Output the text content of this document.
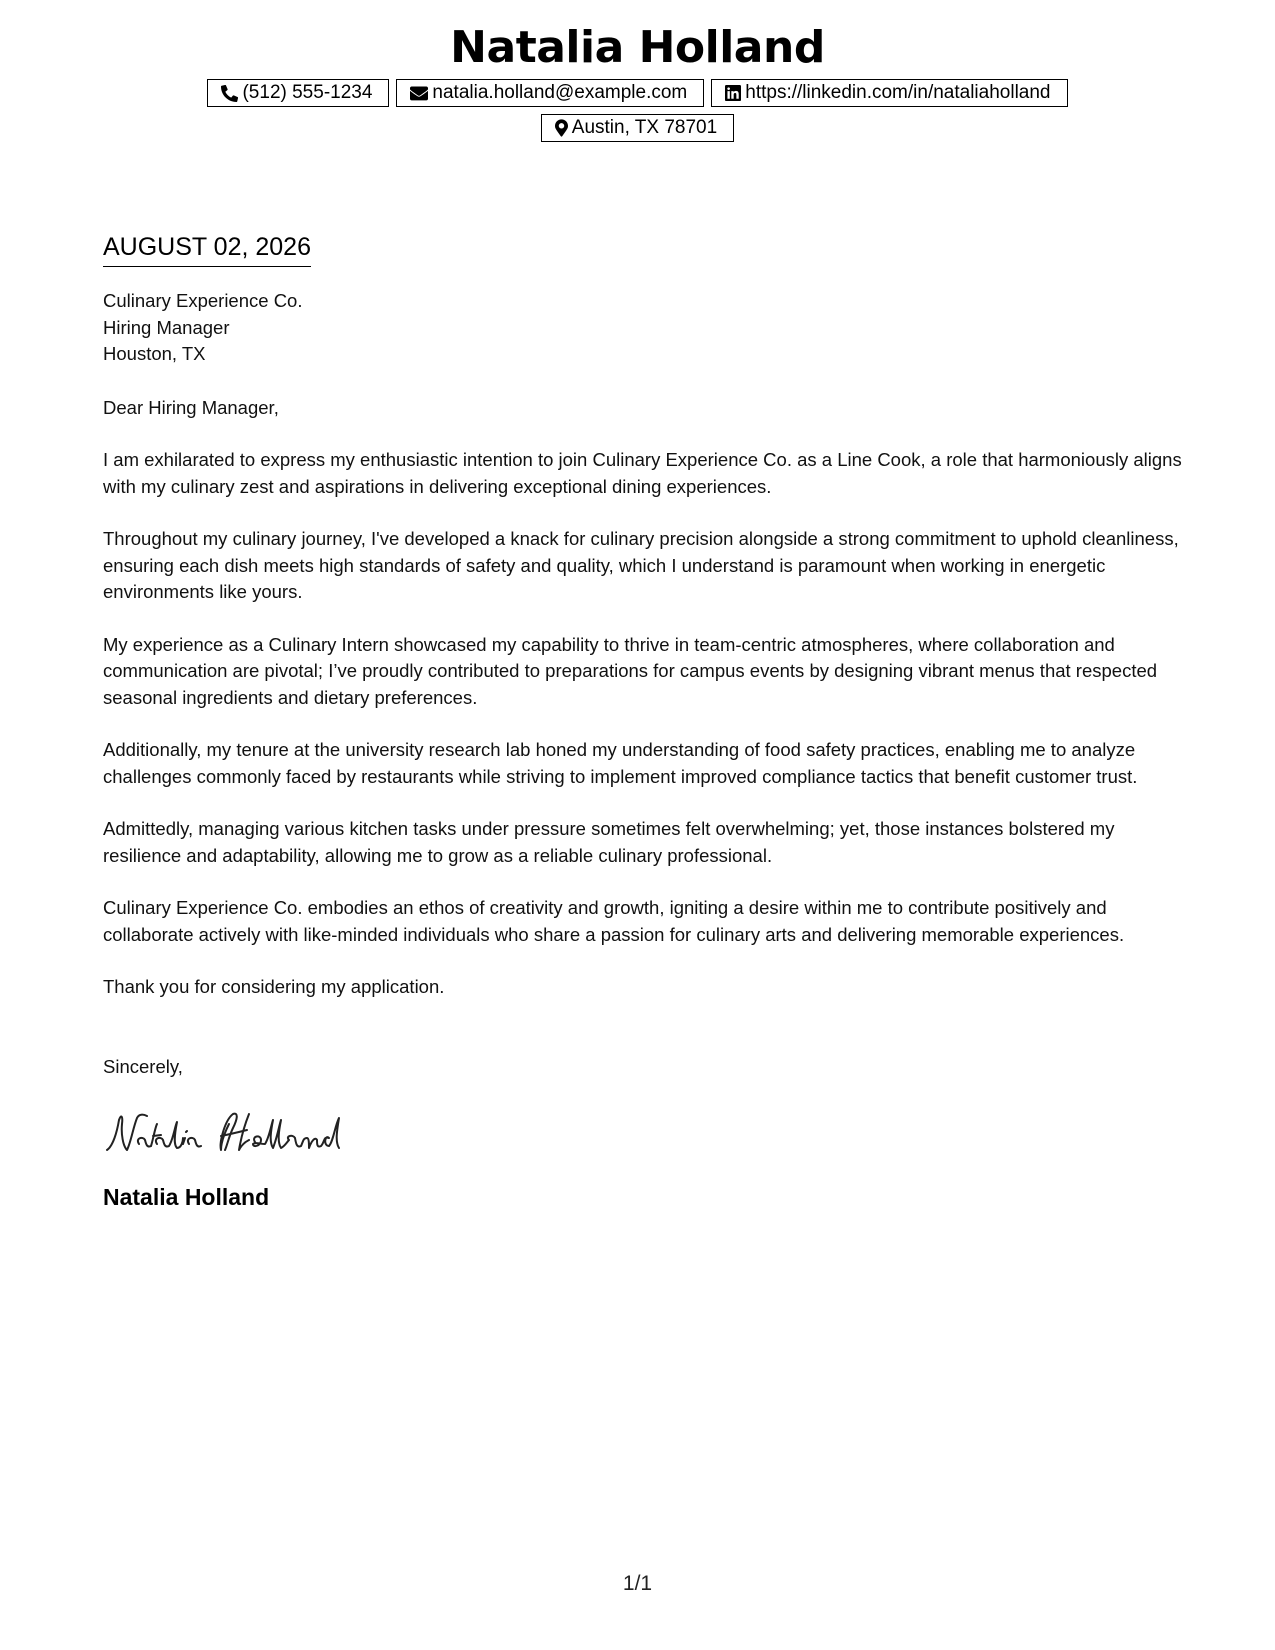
Natalia Holland
(512) 555-1234	natalia.holland@example.com	https://linkedin.com/in/nataliaholland
Austin, TX 78701
AUGUST 02, 2026
Culinary Experience Co.
Hiring Manager
Houston, TX
Dear Hiring Manager,

I am exhilarated to express my enthusiastic intention to join Culinary Experience Co. as a Line Cook, a role that harmoniously aligns with my culinary zest and aspirations in delivering exceptional dining experiences.

Throughout my culinary journey, I've developed a knack for culinary precision alongside a strong commitment to uphold cleanliness, ensuring each dish meets high standards of safety and quality, which I understand is paramount when working in energetic environments like yours.

My experience as a Culinary Intern showcased my capability to thrive in team-centric atmospheres, where collaboration and communication are pivotal; I’ve proudly contributed to preparations for campus events by designing vibrant menus that respected seasonal ingredients and dietary preferences.

Additionally, my tenure at the university research lab honed my understanding of food safety practices, enabling me to analyze challenges commonly faced by restaurants while striving to implement improved compliance tactics that benefit customer trust.

Admittedly, managing various kitchen tasks under pressure sometimes felt overwhelming; yet, those instances bolstered my resilience and adaptability, allowing me to grow as a reliable culinary professional.

Culinary Experience Co. embodies an ethos of creativity and growth, igniting a desire within me to contribute positively and collaborate actively with like-minded individuals who share a passion for culinary arts and delivering memorable experiences.

Thank you for considering my application.

Sincerely,
Natalia Holland
1/1
